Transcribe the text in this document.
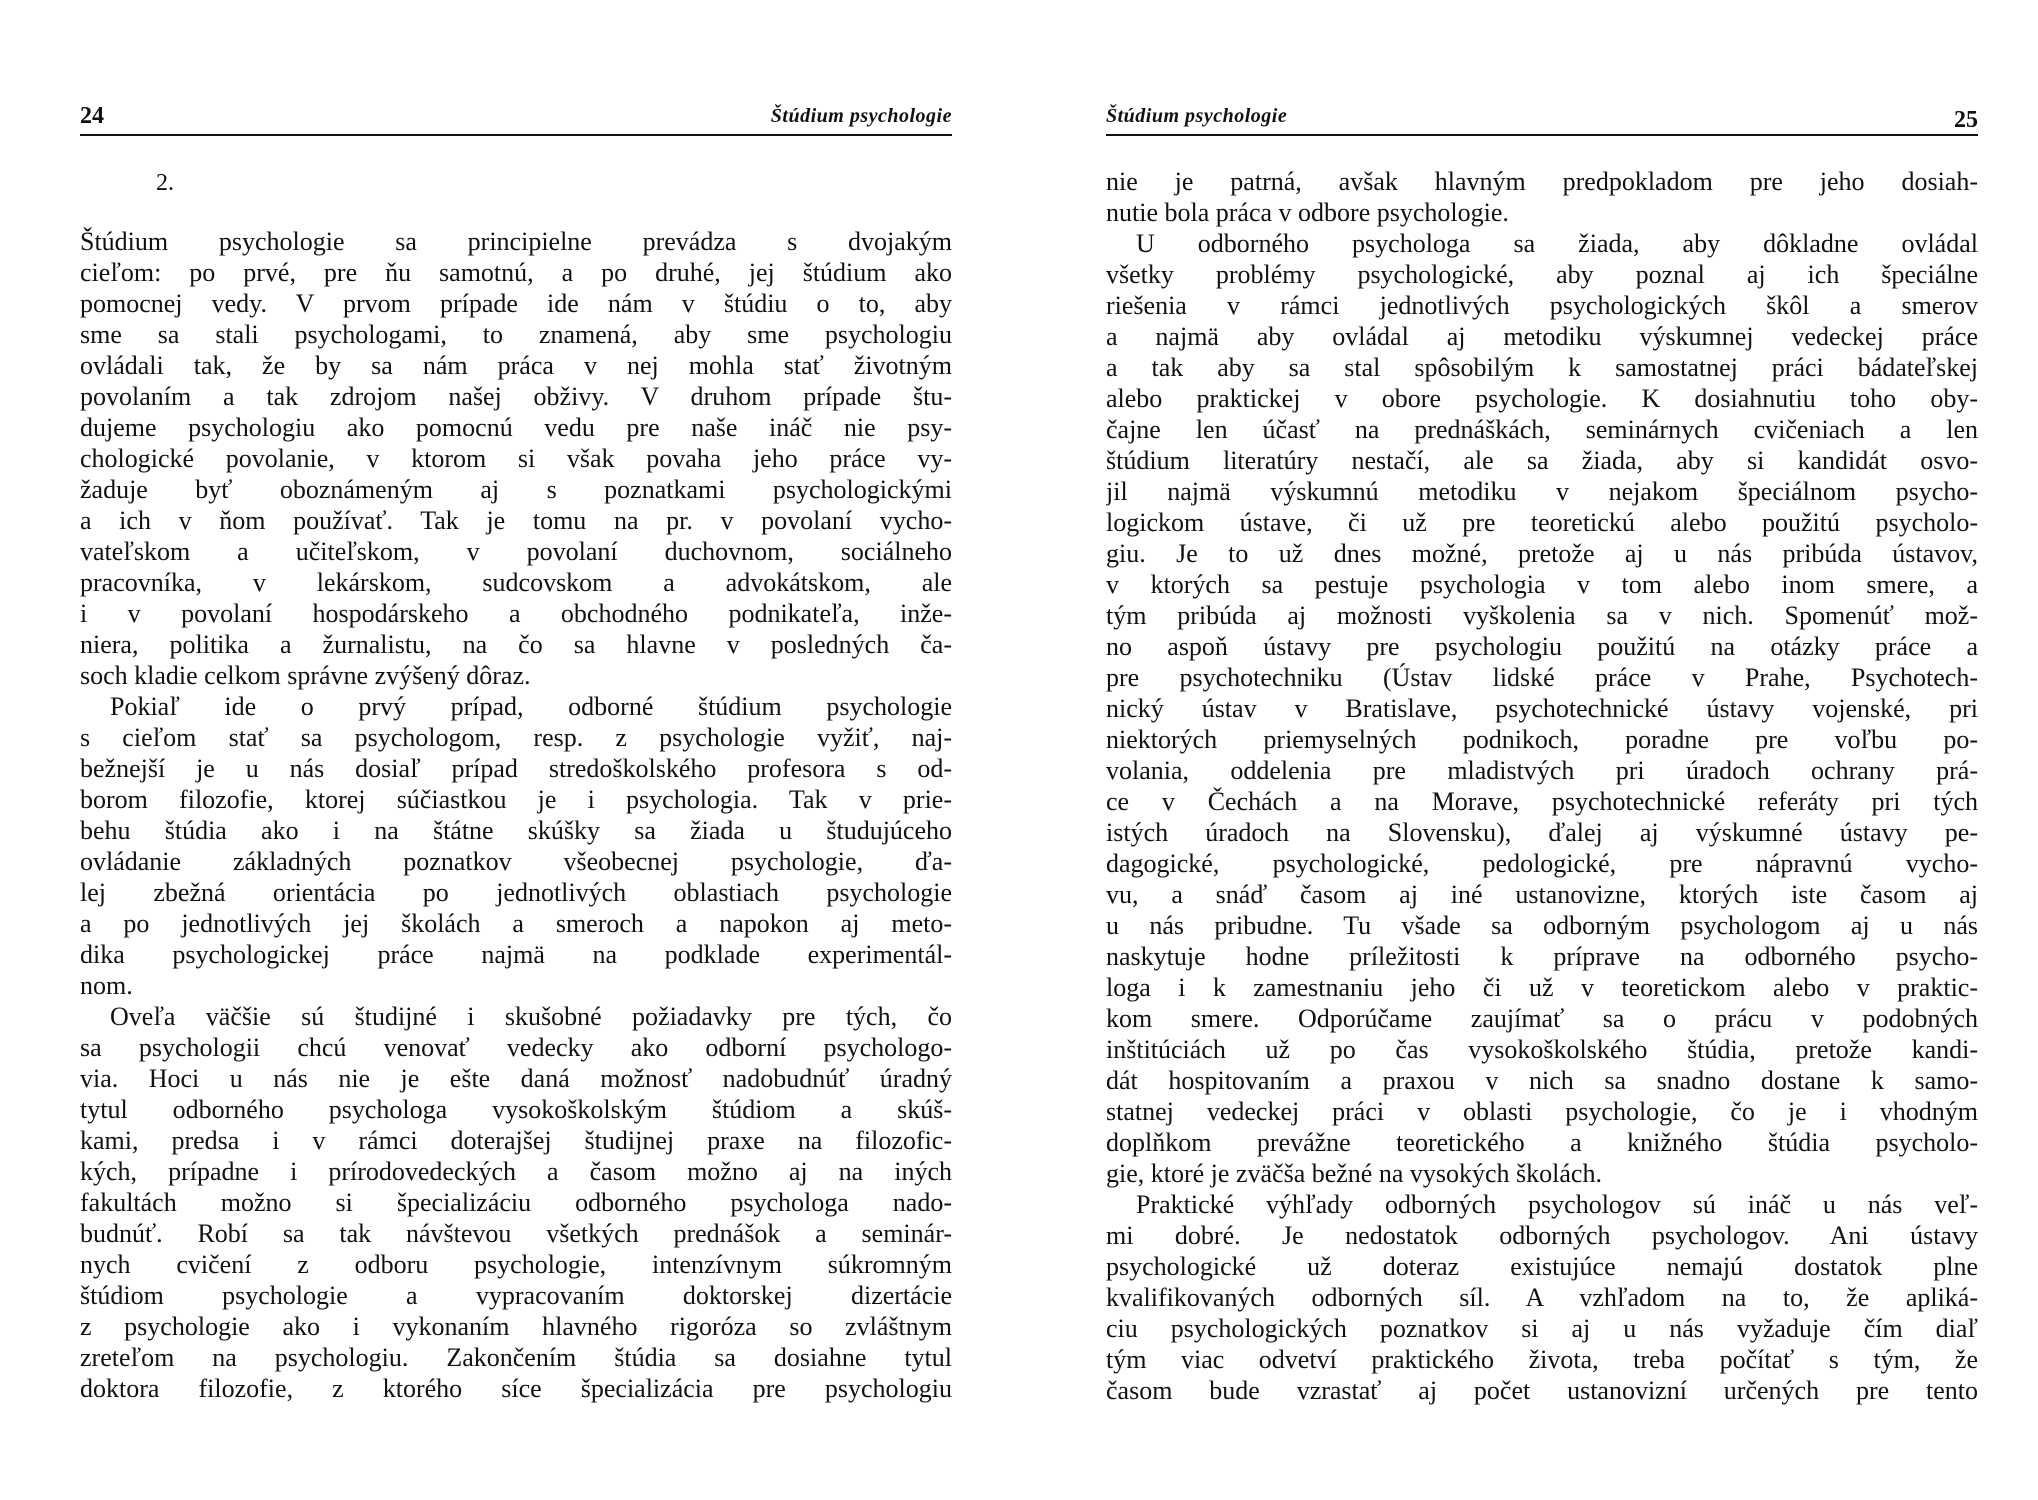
24	Štúdium psychologie
2.
Štúdium psychologie sa principielne prevádza s dvojakým
cieľom: po prvé, pre ňu samotnú, a po druhé, jej štúdium ako
pomocnej vedy. V prvom prípade ide nám v štúdiu o to, aby
sme sa stali psychologami, to znamená, aby sme psychologiu
ovládali tak, že by sa nám práca v nej mohla stať životným
povolaním a tak zdrojom našej obživy. V druhom prípade štu-
dujeme psychologiu ako pomocnú vedu pre naše ináč nie psy-
chologické povolanie, v ktorom si však povaha jeho práce vy-
žaduje byť oboznámeným aj s poznatkami psychologickými
a ich v ňom používať. Tak je tomu na pr. v povolaní vycho-
vateľskom a učiteľskom, v povolaní duchovnom, sociálneho
pracovníka, v lekárskom, sudcovskom a advokátskom, ale
i v povolaní hospodárskeho a obchodného podnikateľa, inže-
niera, politika a žurnalistu, na čo sa hlavne v posledných ča-
soch kladie celkom správne zvýšený dôraz.
Pokiaľ ide o prvý prípad, odborné štúdium psychologie
s cieľom stať sa psychologom, resp. z psychologie vyžiť, naj-
bežnejší je u nás dosiaľ prípad stredoškolského profesora s od-
borom filozofie, ktorej súčiastkou je i psychologia. Tak v prie-
behu štúdia ako i na štátne skúšky sa žiada u študujúceho
ovládanie základných poznatkov všeobecnej psychologie, ďa-
lej zbežná orientácia po jednotlivých oblastiach psychologie
a po jednotlivých jej školách a smeroch a napokon aj meto-
dika psychologickej práce najmä na podklade experimentál-
nom.
Oveľa väčšie sú študijné i skušobné požiadavky pre tých, čo
sa psychologii chcú venovať vedecky ako odborní psychologo-
via. Hoci u nás nie je ešte daná možnosť nadobudnúť úradný
tytul odborného psychologa vysokoškolským štúdiom a skúš-
kami, predsa i v rámci doterajšej študijnej praxe na filozofic-
kých, prípadne i prírodovedeckých a časom možno aj na iných
fakultách možno si špecializáciu odborného psychologa nado-
budnúť. Robí sa tak návštevou všetkých prednášok a seminár-
nych cvičení z odboru psychologie, intenzívnym súkromným
štúdiom psychologie a vypracovaním doktorskej dizertácie
z psychologie ako i vykonaním hlavného rigoróza so zvláštnym
zreteľom na psychologiu. Zakončením štúdia sa dosiahne tytul
doktora filozofie, z ktorého síce špecializácia pre psychologiu
Štúdium psychologie	25
nie je patrná, avšak hlavným predpokladom pre jeho dosiah-
nutie bola práca v odbore psychologie.
U odborného psychologa sa žiada, aby dôkladne ovládal
všetky problémy psychologické, aby poznal aj ich špeciálne
riešenia v rámci jednotlivých psychologických škôl a smerov
a najmä aby ovládal aj metodiku výskumnej vedeckej práce
a tak aby sa stal spôsobilým k samostatnej práci bádateľskej
alebo praktickej v obore psychologie. K dosiahnutiu toho oby-
čajne len účasť na prednáškách, seminárnych cvičeniach a len
štúdium literatúry nestačí, ale sa žiada, aby si kandidát osvo-
jil najmä výskumnú metodiku v nejakom špeciálnom psycho-
logickom ústave, či už pre teoretickú alebo použitú psycholo-
giu. Je to už dnes možné, pretože aj u nás pribúda ústavov,
v ktorých sa pestuje psychologia v tom alebo inom smere, a
tým pribúda aj možnosti vyškolenia sa v nich. Spomenúť mož-
no aspoň ústavy pre psychologiu použitú na otázky práce a
pre psychotechniku (Ústav lidské práce v Prahe, Psychotech-
nický ústav v Bratislave, psychotechnické ústavy vojenské, pri
niektorých priemyselných podnikoch, poradne pre voľbu po-
volania, oddelenia pre mladistvých pri úradoch ochrany prá-
ce v Čechách a na Morave, psychotechnické referáty pri tých
istých úradoch na Slovensku), ďalej aj výskumné ústavy pe-
dagogické, psychologické, pedologické, pre nápravnú vycho-
vu, a snáď časom aj iné ustanovizne, ktorých iste časom aj
u nás pribudne. Tu všade sa odborným psychologom aj u nás
naskytuje hodne príležitosti k príprave na odborného psycho-
loga i k zamestnaniu jeho či už v teoretickom alebo v praktic-
kom smere. Odporúčame zaujímať sa o prácu v podobných
inštitúciách už po čas vysokoškolského štúdia, pretože kandi-
dát hospitovaním a praxou v nich sa snadno dostane k samo-
statnej vedeckej práci v oblasti psychologie, čo je i vhodným
doplňkom prevážne teoretického a knižného štúdia psycholo-
gie, ktoré je zväčša bežné na vysokých školách.
Praktické výhľady odborných psychologov sú ináč u nás veľ-
mi dobré. Je nedostatok odborných psychologov. Ani ústavy
psychologické už doteraz existujúce nemajú dostatok plne
kvalifikovaných odborných síl. A vzhľadom na to, že apliká-
ciu psychologických poznatkov si aj u nás vyžaduje čím diaľ
tým viac odvetví praktického života, treba počítať s tým, že
časom bude vzrastať aj počet ustanovizní určených pre tento
